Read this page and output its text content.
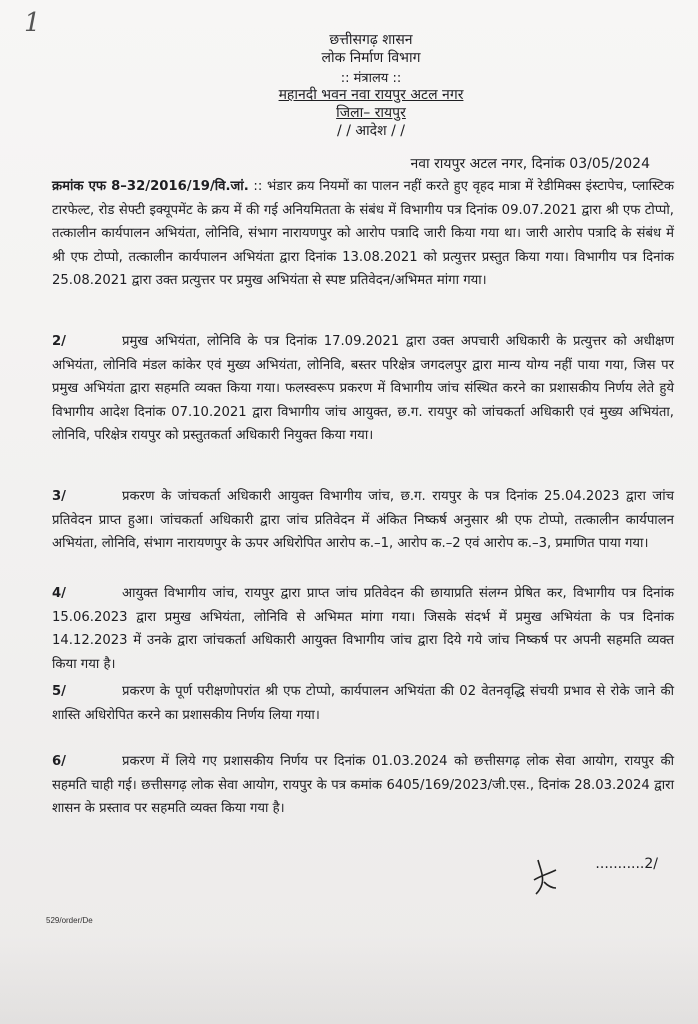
1
छत्तीसगढ़ शासन
लोक निर्माण विभाग
:: मंत्रालय ::
महानदी भवन नवा रायपुर अटल नगर
जिला– रायपुर
/ / आदेश / /
नवा रायपुर अटल नगर, दिनांक 03/05/2024

क्रमांक एफ 8–32/2016/19/वि.जां. :: भंडार क्रय नियमों का पालन नहीं करते हुए वृहद मात्रा में रेडीमिक्स इंस्टापेच, प्लास्टिक टारफेल्ट, रोड सेफ्टी इक्यूपमेंट के क्रय में की गई अनियमितता के संबंध में विभागीय पत्र दिनांक 09.07.2021 द्वारा श्री एफ टोप्पो, तत्कालीन कार्यपालन अभियंता, लोनिवि, संभाग नारायणपुर को आरोप पत्रादि जारी किया गया था। जारी आरोप पत्रादि के संबंध में श्री एफ टोप्पो, तत्कालीन कार्यपालन अभियंता द्वारा दिनांक 13.08.2021 को प्रत्युत्तर प्रस्तुत किया गया। विभागीय पत्र दिनांक 25.08.2021 द्वारा उक्त प्रत्युत्तर पर प्रमुख अभियंता से स्पष्ट प्रतिवेदन/अभिमत मांगा गया।

2/	प्रमुख अभियंता, लोनिवि के पत्र दिनांक 17.09.2021 द्वारा उक्त अपचारी अधिकारी के प्रत्युत्तर को अधीक्षण अभियंता, लोनिवि मंडल कांकेर एवं मुख्य अभियंता, लोनिवि, बस्तर परिक्षेत्र जगदलपुर द्वारा मान्य योग्य नहीं पाया गया, जिस पर प्रमुख अभियंता द्वारा सहमति व्यक्त किया गया। फलस्वरूप प्रकरण में विभागीय जांच संस्थित करने का प्रशासकीय निर्णय लेते हुये विभागीय आदेश दिनांक 07.10.2021 द्वारा विभागीय जांच आयुक्त, छ.ग. रायपुर को जांचकर्ता अधिकारी एवं मुख्य अभियंता, लोनिवि, परिक्षेत्र रायपुर को प्रस्तुतकर्ता अधिकारी नियुक्त किया गया।

3/	प्रकरण के जांचकर्ता अधिकारी आयुक्त विभागीय जांच, छ.ग. रायपुर के पत्र दिनांक 25.04.2023 द्वारा जांच प्रतिवेदन प्राप्त हुआ। जांचकर्ता अधिकारी द्वारा जांच प्रतिवेदन में अंकित निष्कर्ष अनुसार श्री एफ टोप्पो, तत्कालीन कार्यपालन अभियंता, लोनिवि, संभाग नारायणपुर के ऊपर अधिरोपित आरोप क.–1, आरोप क.–2 एवं आरोप क.–3, प्रमाणित पाया गया।

4/	आयुक्त विभागीय जांच, रायपुर द्वारा प्राप्त जांच प्रतिवेदन की छायाप्रति संलग्न प्रेषित कर, विभागीय पत्र दिनांक 15.06.2023 द्वारा प्रमुख अभियंता, लोनिवि से अभिमत मांगा गया। जिसके संदर्भ में प्रमुख अभियंता के पत्र दिनांक 14.12.2023 में उनके द्वारा जांचकर्ता अधिकारी आयुक्त विभागीय जांच द्वारा दिये गये जांच निष्कर्ष पर अपनी सहमति व्यक्त किया गया है।

5/	प्रकरण के पूर्ण परीक्षणोपरांत श्री एफ टोप्पो, कार्यपालन अभियंता की 02 वेतनवृद्धि संचयी प्रभाव से रोके जाने की शास्ति अधिरोपित करने का प्रशासकीय निर्णय लिया गया।

6/	प्रकरण में लिये गए प्रशासकीय निर्णय पर दिनांक 01.03.2024 को छत्तीसगढ़ लोक सेवा आयोग, रायपुर की सहमति चाही गई। छत्तीसगढ़ लोक सेवा आयोग, रायपुर के पत्र कमांक 6405/169/2023/जी.एस., दिनांक 28.03.2024 द्वारा शासन के प्रस्ताव पर सहमति व्यक्त किया गया है।

...........2/
529/order/De
